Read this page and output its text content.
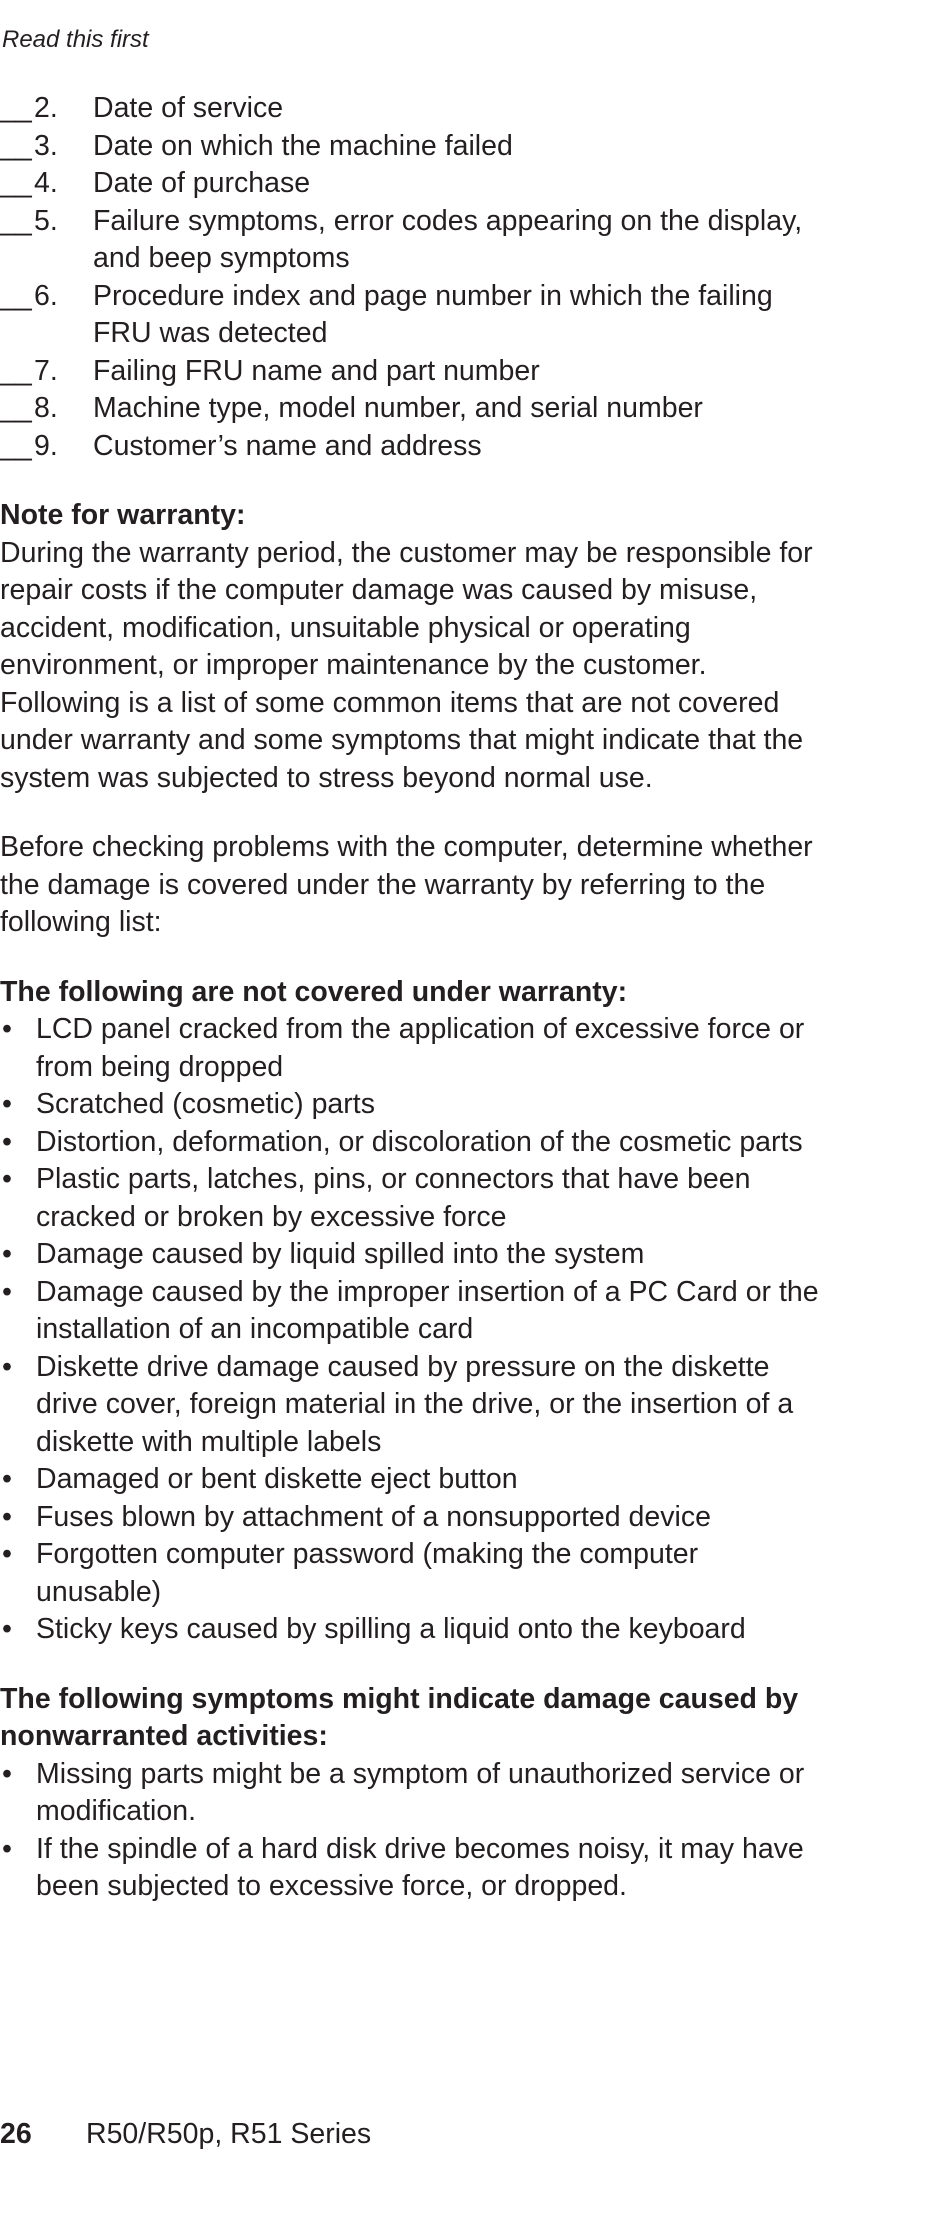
Read this first
__ 2.	Date of service
__ 3.	Date on which the machine failed
__ 4.	Date of purchase
__ 5.	Failure symptoms, error codes appearing on the display, and beep symptoms
__ 6.	Procedure index and page number in which the failing FRU was detected
__ 7.	Failing FRU name and part number
__ 8.	Machine type, model number, and serial number
__ 9.	Customer’s name and address
Note for warranty:

During the warranty period, the customer may be responsible for repair costs if the computer damage was caused by misuse, accident, modification, unsuitable physical or operating environment, or improper maintenance by the customer. Following is a list of some common items that are not covered under warranty and some symptoms that might indicate that the system was subjected to stress beyond normal use.

Before checking problems with the computer, determine whether the damage is covered under the warranty by referring to the following list:

The following are not covered under warranty:
• LCD panel cracked from the application of excessive force or from being dropped
• Scratched (cosmetic) parts
• Distortion, deformation, or discoloration of the cosmetic parts
• Plastic parts, latches, pins, or connectors that have been cracked or broken by excessive force
• Damage caused by liquid spilled into the system
• Damage caused by the improper insertion of a PC Card or the installation of an incompatible card
• Diskette drive damage caused by pressure on the diskette drive cover, foreign material in the drive, or the insertion of a diskette with multiple labels
• Damaged or bent diskette eject button
• Fuses blown by attachment of a nonsupported device
• Forgotten computer password (making the computer unusable)
• Sticky keys caused by spilling a liquid onto the keyboard
The following symptoms might indicate damage caused by nonwarranted activities:
• Missing parts might be a symptom of unauthorized service or modification.
• If the spindle of a hard disk drive becomes noisy, it may have been subjected to excessive force, or dropped.
26	R50/R50p, R51 Series
